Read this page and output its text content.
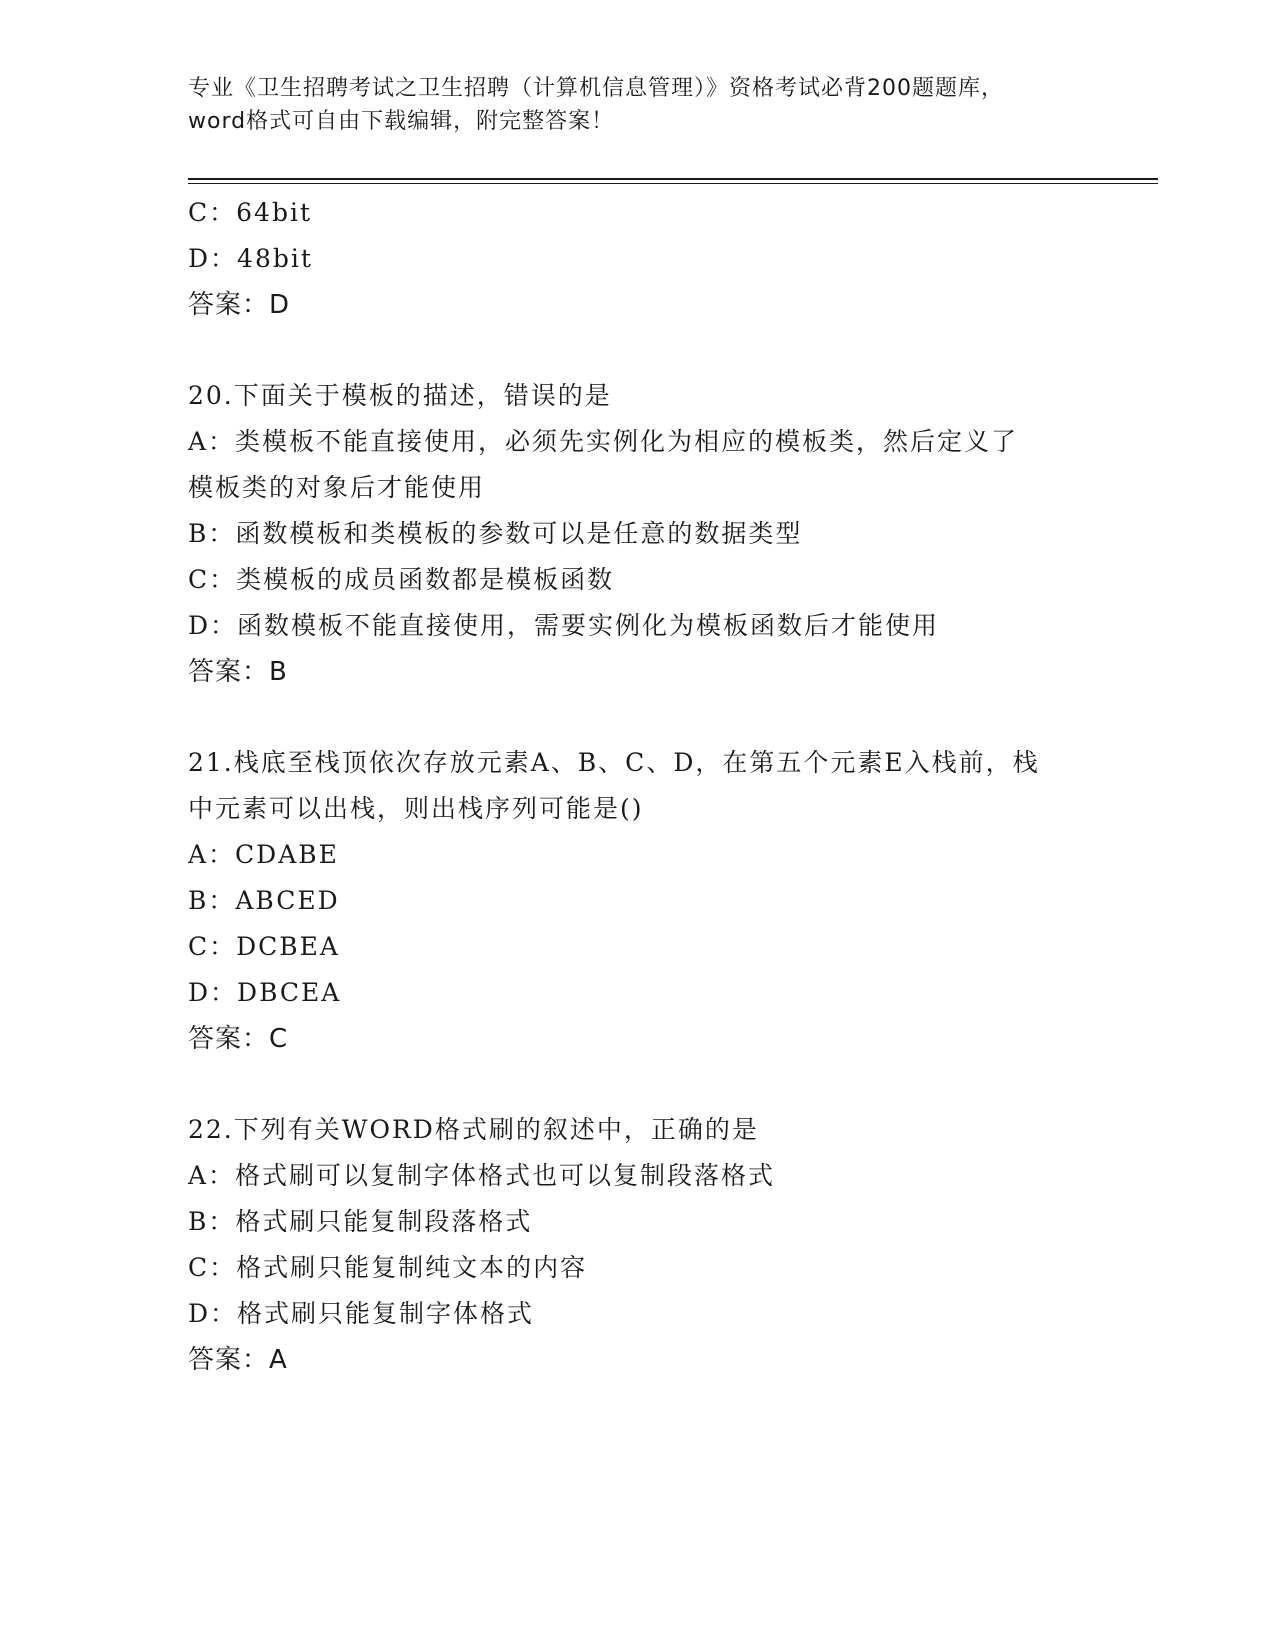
专业《卫生招聘考试之卫生招聘（计算机信息管理）》资格考试必背200题题库，
word格式可自由下载编辑，附完整答案！
C：64bit
D：48bit
答案：D
20.下面关于模板的描述，错误的是
A：类模板不能直接使用，必须先实例化为相应的模板类，然后定义了
模板类的对象后才能使用
B：函数模板和类模板的参数可以是任意的数据类型
C：类模板的成员函数都是模板函数
D：函数模板不能直接使用，需要实例化为模板函数后才能使用
答案：B
21.栈底至栈顶依次存放元素A、B、C、D，在第五个元素E入栈前，栈
中元素可以出栈，则出栈序列可能是()
A：CDABE
B：ABCED
C：DCBEA
D：DBCEA
答案：C
22.下列有关WORD格式刷的叙述中，正确的是
A：格式刷可以复制字体格式也可以复制段落格式
B：格式刷只能复制段落格式
C：格式刷只能复制纯文本的内容
D：格式刷只能复制字体格式
答案：A
